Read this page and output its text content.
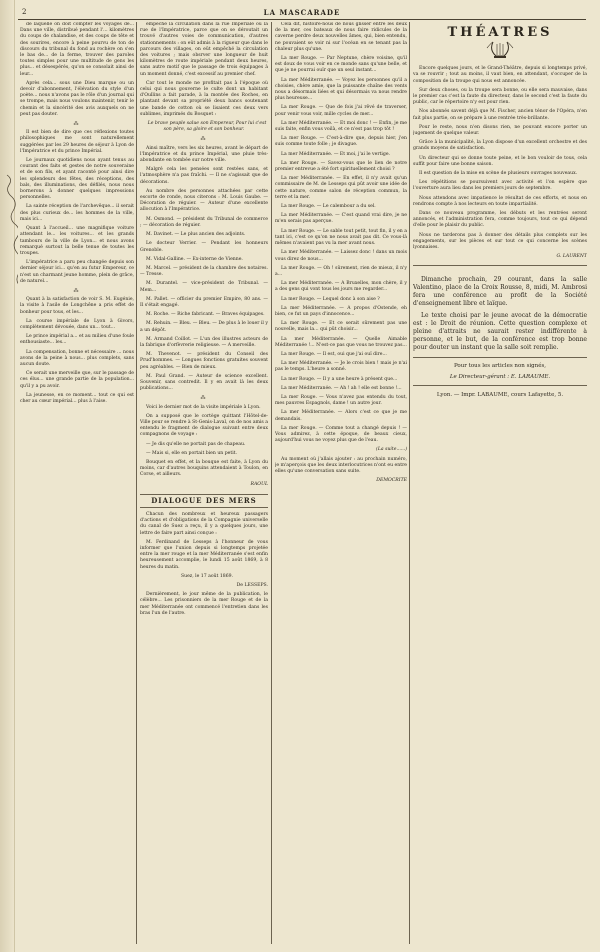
2	LA MASCARADE

de laquelle on doit compter les voyages de... Dans une ville, distribué pendant l'... kilomètres du coups de chalandise, et des coups de tête et des sourires, encore à peine pourvu de ton de discours du tribunal du fond au rochère on s'en le bas de... de la ferme, trouver des paroles toutes simples pour une multitude de gens les plus... et désespérés, qu'on se consolait ainsi de leur...

Après cela... sous une Dieu marque ou un devoir d'abonnement, l'élévation du style d'un poète... nous n'avons pas le rôle d'un journal qui se trompe, mais nous voulons maintenir, tenir le chemin et la sincérité des avis auxquels on ne peut pas douter.

⁂

Il est bien de dire que ces réflexions toutes philosophiques me sont naturellement suggérées par les 29 heures de séjour à Lyon de l'Impératrice et du prince Impérial.

Le journaux quotidiens nous ayant tenus au courant des faits et gestes de notre souveraine et de son fils, et ayant raconté pour ainsi dire les splendeurs des fêtes, des réceptions, des bals, des illuminations, des défilés, nous nous bornerons à donner quelques impressions personnelles.

La sainte réception de l'archevêque... il serait des plus curieux de... les hommes de la ville, mais ici...

Quant à l'accueil... une magnifique voiture attendant le... les voitures... et les grands tambours de la ville de Lyon... et nous avons remarqué surtout la belle tenue de toutes les troupes.

L'impératrice a paru peu changée depuis son dernier séjour ici... qu'en au futur Empereur, ce n'est un charmant jeune homme, plein de grâce, de naturel...

⁂

Quant à la satisfaction de voir S. M. Eugénie, la visite à l'asile de Longchêne a pris effet de bonheur pour tous, et les...

La course impériale de Lyon à Givors, complètement dévouée, dans un... tout...

Le prince impérial a... et au milieu d'une foule enthousiaste... les...

La compensation, bonne et nécessaire ... nous avons de la peine à nous... plus complets, sans aucun doute.

Ce serait une merveille que, sur le passage de ces élus... une grande partie de la population... qu'il y a pu avoir.

La jeunesse, en ce moment... tout ce qui est cher au cœur impérial... plus à l'aise.

empêche la circulation dans la rue Impériale ou la rue de l'Impératrice, parce que on se déroutait un trouvé d'autres voies de communication, d'autres stationnements : on eût admis à la rigueur que dans le parcours des villages, on eût empêché la circulation des voitures ; mais obsrver une longueur de huit kilomètres de route impériale pendant deux heures, sans autre motif que le passage de trois équipages à un moment donné, c'est excessif au premier chef.

Car tout le monde ne profitait pas à l'époque où celui qui nous gouverne le culte dont un habitant d'Oullins a fait parade, à la montée des Roches, en plantant devant sa propriété deux bancs soutenant une bande de cotton où se lisaient ces deux vers sublimes, imprimés du Bosquet :

Le brave peuple salue son Empereur, Pour lui c'est son père, sa gloire et son bonheur.

⁂

Ainsi maître, vers les six heures, avant le départ de l'Impératrice et du prince Impérial, une pluie très-abondante en tombée sur notre ville.

Malgré cela les pensées sont restées sans, et l'atmosphère n'a pas fraîchi. — Il ne s'agissait que de décorations.

Au nombre des personnes attachées par cette escorte de ronde, nous citerons : M. Louis Gaube. — Décoration de réguier. — Auteur d'une excellente allocution à l'Impératrice.

M. Osmond. — président du Tribunal de commerce ; — décoration de réguier.

M. Davinet. — Le plus ancien des adjoints.

Le docteur Verrier. — Pendant les honneurs Grenoble.

M. Vidal-Galline. — Ex-interne de Vienne.

M. Marcel. — président de la chambre des notaires. — Tresse.

M. Durantel. — vice-président de Tribunal. — Mem...

M. Pallet. — officier du premier Empire, 80 ans. — Il s'était engagé.

M. Roche. — Riche fabricant. — Braves équipages.

M. Rehuin. — Bleu. — Bleu. — De plus à le louer il y a un dépôt.

M. Armand Coillot. — L'un des illustres acteurs de la fabrique d'orfèvrerie religieuse. — A merveille.

M. Thevenot. — président du Conseil des Prud'hommes. — Longues fonctions gratuites souvent peu agréables. — Bien de mieux.

M. Paul Grand. — Auteur de science excellent. Souvenir, sans contredit. Il y en avait là les deux publications...

⁂

Voici le dernier mot de la visite impériale à Lyon.

On a supposé que le cortège quittant l'Hôtel-de-Ville pour se rendre à St-Genis-Laval, on de nos amis a entendu le fragment de dialogue suivant entre deux compagnons de voyage :

— Je dis qu'elle ne portait pas de chapeau.

— Mais si, elle en portait bien un petit.

Bouquet en effet, et la bouque est faite, à Lyon du moins, car d'autres bouquins attendaient à Toulon, en Corse, et ailleurs.

RAOUL
DIALOGUE DES MERS

Chacun des nombreux et heureux passagers d'actions et d'obligations de la Compagnie universelle du canal de Suez a reçu, il y a quelques jours, une lettre de faire part ainsi conçue :

M. Ferdinand de Lesseps à l'honneur de vous informer que l'union depuis si longtemps projetée entre la mer rouge et la mer Méditerranée s'est enfin heureusement accomplie, le lundi 15 août 1869, à 8 heures du matin.

Suez, le 17 août 1869.

De LESSEPS.

Dernièrement, le jour même de la publication, le célèbre... Les prisonniers de la mer Rouge et de la mer Méditerranée ont commencé l'entretien dans les bras l'un de l'autre.

Cela dit, histoire-nous de nous glisser entre les deux de la mer, ces bateaux de nous faire ridicules de la caverne perdre deux nouvelles âmes, qui, bien entendu, ne pouvaient se voir ni sur l'océan en se tenant pas la chaleur plus qu'une.

La mer Rouge. — Par Neptune, chère voisine, qu'il est doux de vous voir en ce monde sans qu'une belle, et que je ne pourrai ouïr que un seul instant...

La mer Méditerranée. — Voyez les personnes qu'il a choisies, chère amie, que la puissante chaîne des vents nous a désormais liées et qui désormais va nous rendre plus heureuse...

La mer Rouge. — Que de fois j'ai rêvé de traverser, pour venir vous voir, mille cycles de mer...

La mer Méditerranée. — Et moi donc ! — Enfin, je me suis faite, enfin vous voilà, et ce n'est pas trop tôt !

La mer Rouge. — C'est-à-dire que, depuis hier, j'en suis comme toute folle ; je divague.

La mer Méditerranée. — Et moi, j'ai le vertige.

La mer Rouge. — Savez-vous que le lien de notre premier entrevue a été fort spirituellement choisi ?

La mer Méditerranée. — En effet, il n'y avait qu'un commissaire de M. de Lesseps qui pût avoir une idée de cette nature, comme salon de réception commun, la terre et la mer.

La mer Rouge. — Le calembour a du sel.

La mer Méditerranée. — C'est quand vrai dire, je ne m'en serais pas aperçue.

La mer Rouge. — Le sable tout petit, tout fin, il y en a tant ici, c'est ce qu'on ne nous avait pas dit. Ce vous-là mêmes n'avaient pas vu la mer avant nous.

La mer Méditerranée. — Laissez donc ! dans un mois vous direz de nous...

La mer Rouge. — Oh ! sûrement, rien de mieux, il n'y a...

La mer Méditerranée. — A Bruxelles, mon chère, il y a des gens qui vont tous les jours me regarder...

La mer Rouge. — Lequel donc à son aise ?

La mer Méditerranée. — A propos d'Ostende, eh bien, ce fut un pays d'innocence...

La mer Rouge. — Et ce serait sûrement pas une nouvelle, mais la... qui pût choisir...

La mer Méditerranée. — Quelle Aimable Méditerranée !... N'est-ce pas que vous ne trouvez pas...

La mer Rouge. — Il est, oui que j'ai ouï dire...

La mer Méditerranée. — Je le crois bien ! mais je n'ai pas le temps. L'heure a sonné.

La mer Rouge. — Il y a une heure à présent que...

La mer Méditerranée. — Ah ! ah ! elle est bonne !...

La mer Rouge. — Vous n'avez pas entendu du tout, mes pauvres Espagnols, dame ! un autre jour.

La mer Méditerranée. — Alors c'est ce que je me demandais.

La mer Rouge. — Comme tout a changé depuis ! — Vous admirez, à cette époque, de beaux cieux, aujourd'hui vous ne voyez plus que de l'eau.

(La suite......)

Au moment où j'allais ajouter : au prochain numéro, je m'aperçois que les deux interlocutrices n'ont eu entre elles qu'une conversation sans suite.

DEMOCRITE
THÉATRES

Encore quelques jours, et le Grand-Théâtre, depuis si longtemps privé, va se rouvrir ; tout au moins, il vaut bien, en attendant, s'occuper de la composition de la troupe qui nous est annoncée.

Sur deux choses, ou la troupe sera bonne, ou elle sera mauvaise, dans le premier cas c'est la faute du directeur, dans le second c'est la faute du public, car le répertoire n'y est pour rien.

Nos abonnés savent déjà que M. Fischer, ancien ténor de l'Opéra, n'en fait plus partie, on se prépare à une rentrée très-brillante.

Pour le reste, nous n'en disons rien, ne pouvant encore porter un jugement de quelque valeur.

Grâce à la municipalité, la Lyon dispose d'un excellent orchestre et des grands moyens de satisfaction.

Un directeur qui se donne toute peine, et le bon vouloir de tous, cela suffit pour faire une bonne saison.

Il est question de la mise en scène de plusieurs ouvrages nouveaux.

Les répétitions se poursuivent avec activité et l'on espère que l'ouverture aura lieu dans les premiers jours de septembre.

Nous attendons avec impatience le résultat de ces efforts, et nous en rendrons compte à nos lecteurs en toute impartialité.

Dans ce nouveau programme, les débuts et les rentrées seront annoncés, et l'administration fera, comme toujours, tout ce qui dépend d'elle pour le plaisir du public.

Nous ne tarderons pas à donner des détails plus complets sur les engagements, sur les pièces et sur tout ce qui concerne les scènes lyonnaises.

G. LAURENT

Dimanche prochain, 29 courant, dans la salle Valentino, place de la Croix Rousse, 8, midi, M. Ambrosi fera une conférence au profit de la Société d'enseignement libre et laïque.

Le texte choisi par le jeune avocat de la démocratie est : le Droit de réunion. Cette question complexe et pleine d'attraits ne saurait rester indifférente à personne, et le but, de la conférence est trop bonne pour douter un instant que la salle soit remplie.

Pour tous les articles non signés,
Le Directeur-gérant : E. LARAUME.
Lyon. — Impr. LABAUME, cours Lafayette, 5.
